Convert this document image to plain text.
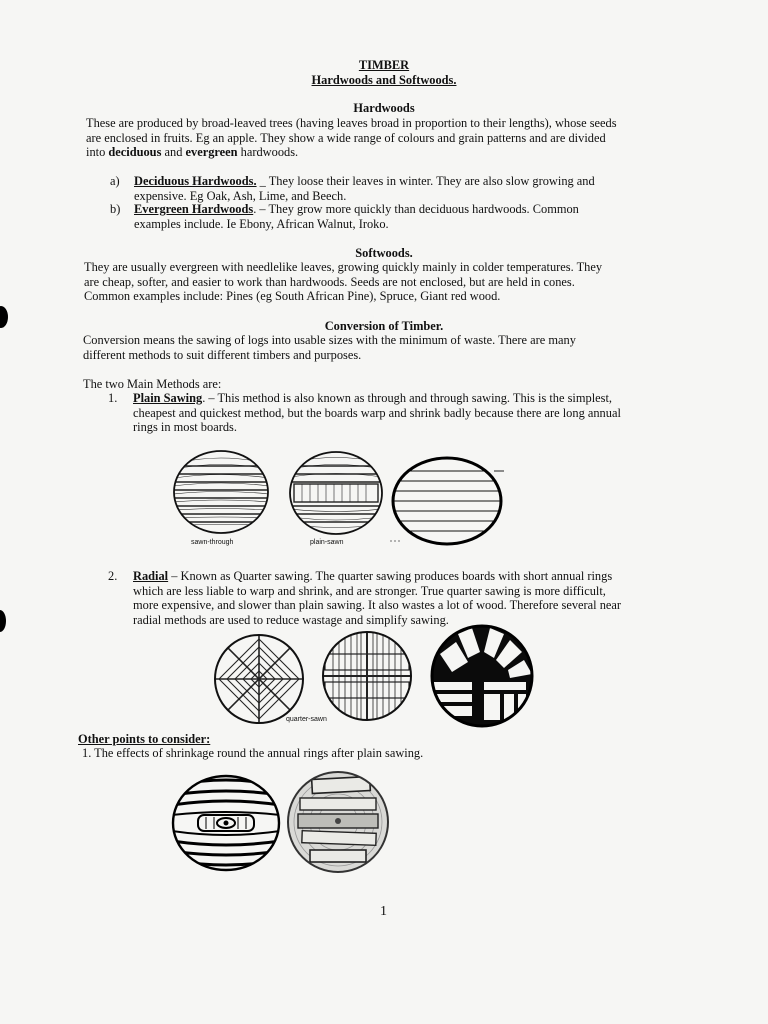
TIMBER
Hardwoods and Softwoods.
Hardwoods
These are produced by broad-leaved trees (having leaves broad in proportion to their lengths), whose seeds
are enclosed in fruits. Eg an apple. They show a wide range of colours and grain patterns and are divided
into deciduous and evergreen hardwoods.
a) Deciduous Hardwoods. _ They loose their leaves in winter. They are also slow growing and
expensive. Eg Oak, Ash, Lime, and Beech.
b) Evergreen Hardwoods. – They grow more quickly than deciduous hardwoods. Common
examples include. Ie Ebony, African Walnut, Iroko.
Softwoods.
They are usually evergreen with needlelike leaves, growing quickly mainly in colder temperatures. They
are cheap, softer, and easier to work than hardwoods. Seeds are not enclosed, but are held in cones.
Common examples include: Pines (eg South African Pine), Spruce, Giant red wood.
Conversion of Timber.
Conversion means the sawing of logs into usable sizes with the minimum of waste. There are many
different methods to suit different timbers and purposes.
The two Main Methods are:
1. Plain Sawing. – This method is also known as through and through sawing. This is the simplest,
cheapest and quickest method, but the boards warp and shrink badly because there are long annual
rings in most boards.
sawn-through	plain-sawn
2. Radial – Known as Quarter sawing. The quarter sawing produces boards with short annual rings
which are less liable to warp and shrink, and are stronger. True quarter sawing is more difficult,
more expensive, and slower than plain sawing. It also wastes a lot of wood. Therefore several near
radial methods are used to reduce wastage and simplify sawing.
quarter-sawn
Other points to consider:
1. The effects of shrinkage round the annual rings after plain sawing.
1
